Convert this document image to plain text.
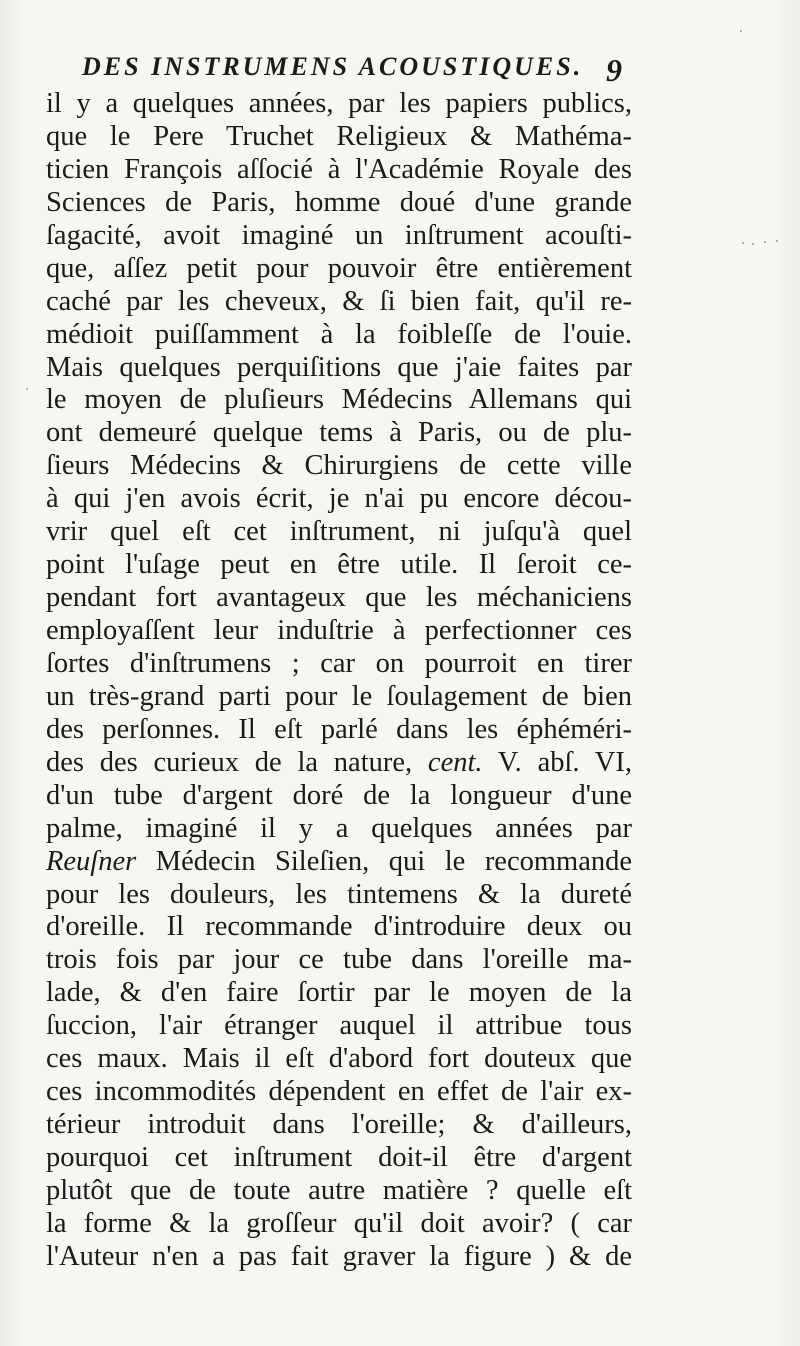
DES INSTRUMENS ACOUSTIQUES. 9
il y a quelques années, par les papiers publics,
que le Pere Truchet Religieux & Mathéma-
ticien François aſſocié à l'Académie Royale des
Sciences de Paris, homme doué d'une grande
ſagacité, avoit imaginé un inſtrument acouſti-
que, aſſez petit pour pouvoir être entièrement
caché par les cheveux, & ſi bien fait, qu'il re-
médioit puiſſamment à la foibleſſe de l'ouie.
Mais quelques perquiſitions que j'aie faites par
le moyen de pluſieurs Médecins Allemans qui
ont demeuré quelque tems à Paris, ou de plu-
ſieurs Médecins & Chirurgiens de cette ville
à qui j'en avois écrit, je n'ai pu encore décou-
vrir quel eſt cet inſtrument, ni juſqu'à quel
point l'uſage peut en être utile. Il ſeroit ce-
pendant fort avantageux que les méchaniciens
employaſſent leur induſtrie à perfectionner ces
ſortes d'inſtrumens ; car on pourroit en tirer
un très-grand parti pour le ſoulagement de bien
des perſonnes. Il eſt parlé dans les éphéméri-
des des curieux de la nature, cent. V. abſ. VI,
d'un tube d'argent doré de la longueur d'une
palme, imaginé il y a quelques années par
Reuſner Médecin Sileſien, qui le recommande
pour les douleurs, les tintemens & la dureté
d'oreille. Il recommande d'introduire deux ou
trois fois par jour ce tube dans l'oreille ma-
lade, & d'en faire ſortir par le moyen de la
ſuccion, l'air étranger auquel il attribue tous
ces maux. Mais il eſt d'abord fort douteux que
ces incommodités dépendent en effet de l'air ex-
térieur introduit dans l'oreille; & d'ailleurs,
pourquoi cet inſtrument doit-il être d'argent
plutôt que de toute autre matière ? quelle eſt
la forme & la groſſeur qu'il doit avoir? ( car
l'Auteur n'en a pas fait graver la figure ) & de
